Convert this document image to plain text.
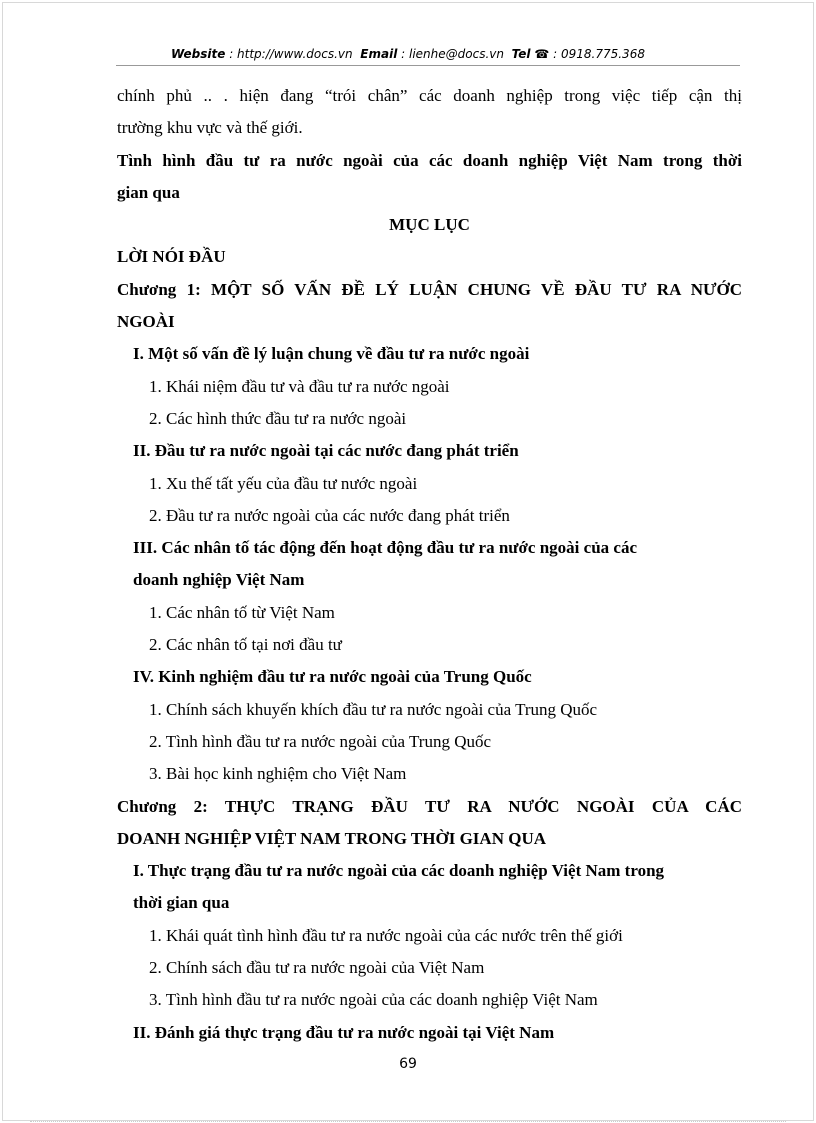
Website : http://www.docs.vn Email : lienhe@docs.vn Tel ☎ : 0918.775.368
chính phủ .. . hiện đang “trói chân” các doanh nghiệp trong việc tiếp cận thị
trường khu vực và thế giới.
Tình hình đầu tư ra nước ngoài của các doanh nghiệp Việt Nam trong thời
gian qua
MỤC LỤC
LỜI NÓI ĐẦU
Chương 1: MỘT SỐ VẤN ĐỀ LÝ LUẬN CHUNG VỀ ĐẦU TƯ RA NƯỚC
NGOÀI
I. Một số vấn đề lý luận chung về đầu tư ra nước ngoài
1. Khái niệm đầu tư và đầu tư ra nước ngoài
2. Các hình thức đầu tư ra nước ngoài
II. Đầu tư ra nước ngoài tại các nước đang phát triển
1. Xu thế tất yếu của đầu tư nước ngoài
2. Đầu tư ra nước ngoài của các nước đang phát triển
III. Các nhân tố tác động đến hoạt động đầu tư ra nước ngoài của các
doanh nghiệp Việt Nam
1. Các nhân tố từ Việt Nam
2. Các nhân tố tại nơi đầu tư
IV. Kinh nghiệm đầu tư ra nước ngoài của Trung Quốc
1. Chính sách khuyến khích đầu tư ra nước ngoài của Trung Quốc
2. Tình hình đầu tư ra nước ngoài của Trung Quốc
3. Bài học kinh nghiệm cho Việt Nam
Chương 2: THỰC TRẠNG ĐẦU TƯ RA NƯỚC NGOÀI CỦA CÁC
DOANH NGHIỆP VIỆT NAM TRONG THỜI GIAN QUA
I. Thực trạng đầu tư ra nước ngoài của các doanh nghiệp Việt Nam trong
thời gian qua
1. Khái quát tình hình đầu tư ra nước ngoài của các nước trên thế giới
2. Chính sách đầu tư ra nước ngoài của Việt Nam
3. Tình hình đầu tư ra nước ngoài của các doanh nghiệp Việt Nam
II. Đánh giá thực trạng đầu tư ra nước ngoài tại Việt Nam
69
